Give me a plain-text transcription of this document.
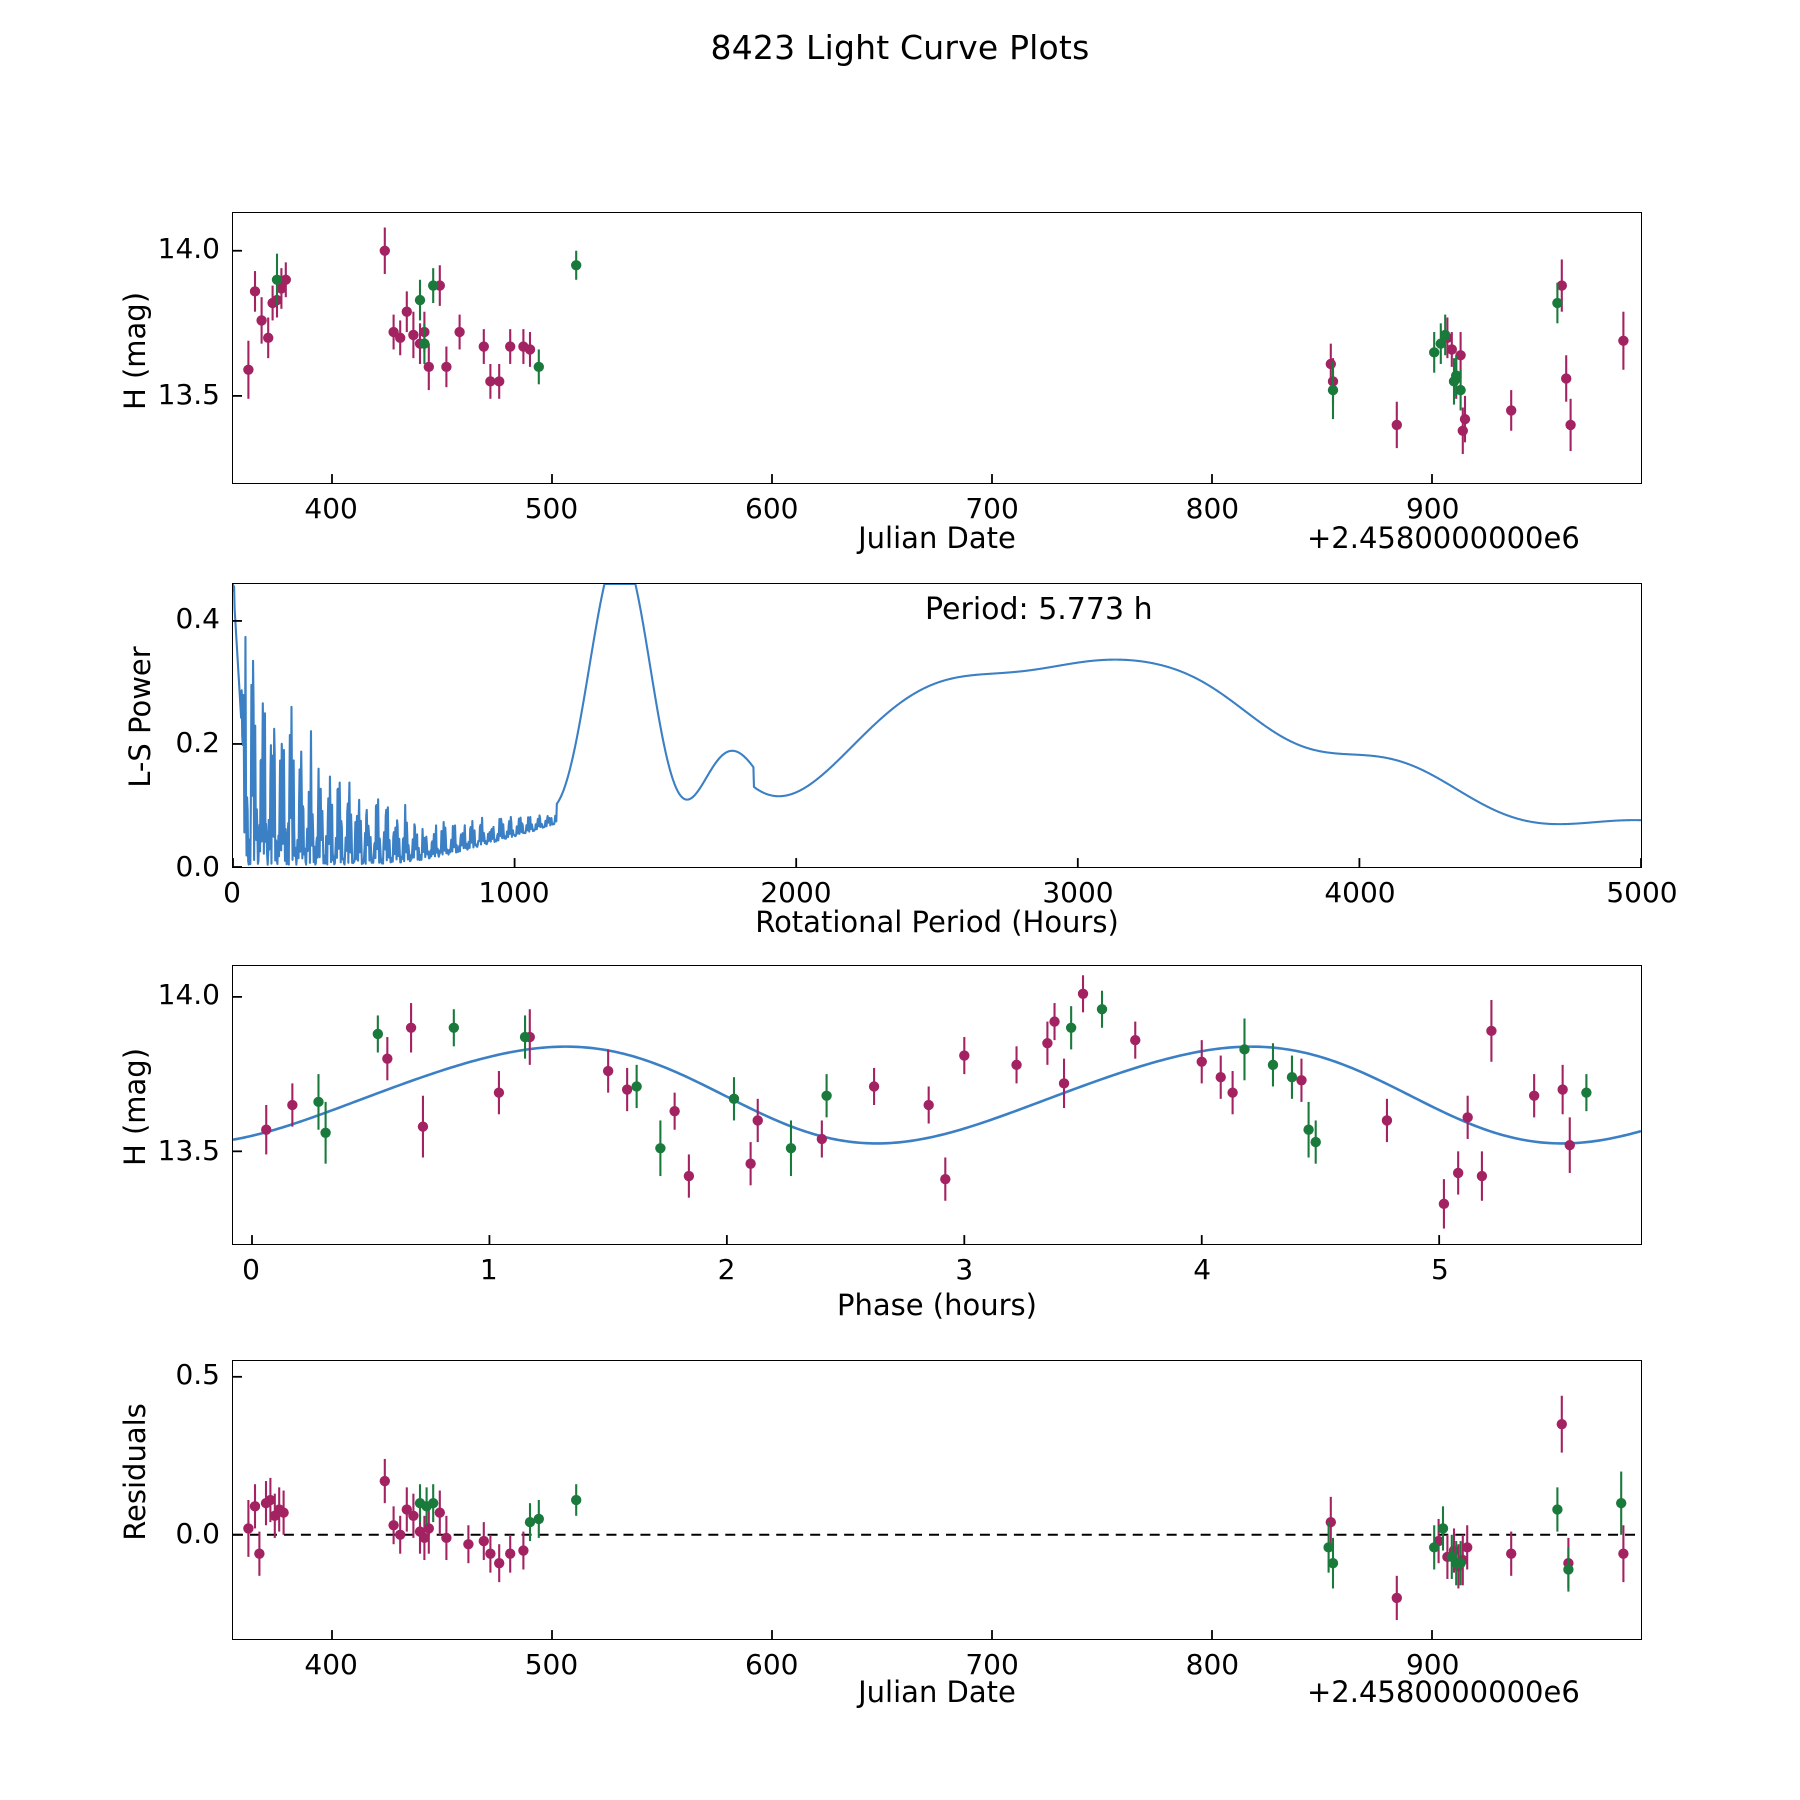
8423 Light Curve Plots
H (mag)
Julian Date	+2.4580000000e6
L-S Power
Rotational Period (Hours)
Period: 5.773 h
H (mag)
Phase (hours)
Residuals
Julian Date	+2.4580000000e6
400	500	600	700	800	900
14.0
13.5
0	1000	2000	3000	4000	5000
0.4
0.2
0.0
0	1	2	3	4	5
14.0
13.5
400	500	600	700	800	900
0.5
0.0
